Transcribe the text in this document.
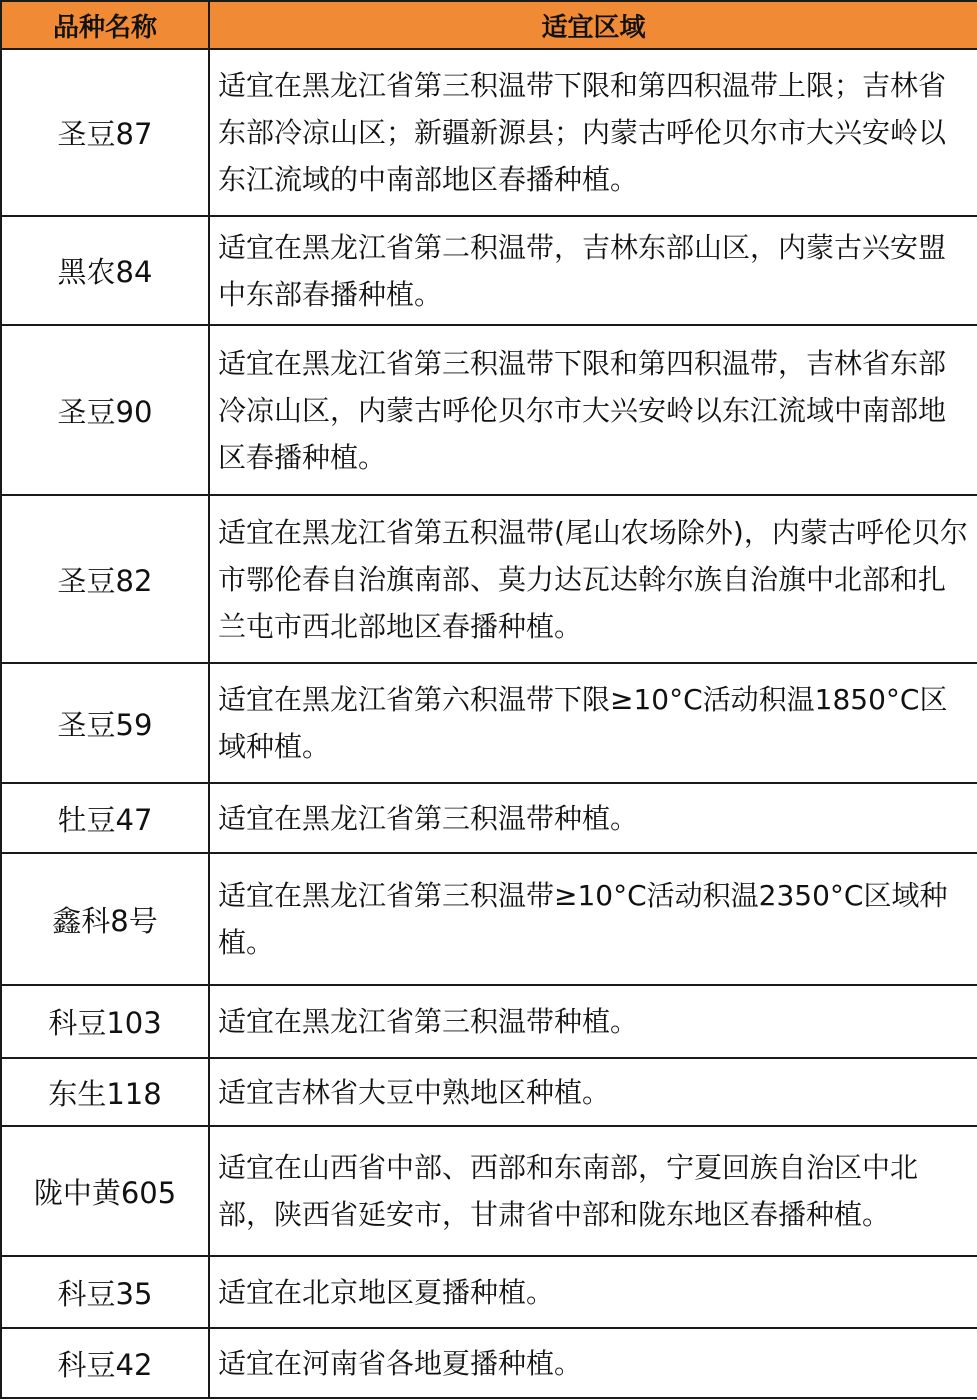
品种名称	适宜区域
圣豆87	适宜在黑龙江省第三积温带下限和第四积温带上限；吉林省东部冷凉山区；新疆新源县；内蒙古呼伦贝尔市大兴安岭以东江流域的中南部地区春播种植。
黑农84	适宜在黑龙江省第二积温带，吉林东部山区，内蒙古兴安盟中东部春播种植。
圣豆90	适宜在黑龙江省第三积温带下限和第四积温带，吉林省东部冷凉山区，内蒙古呼伦贝尔市大兴安岭以东江流域中南部地区春播种植。
圣豆82	适宜在黑龙江省第五积温带(尾山农场除外)，内蒙古呼伦贝尔市鄂伦春自治旗南部、莫力达瓦达斡尔族自治旗中北部和扎兰屯市西北部地区春播种植。
圣豆59	适宜在黑龙江省第六积温带下限≥10°C活动积温1850°C区域种植。
牡豆47	适宜在黑龙江省第三积温带种植。
鑫科8号	适宜在黑龙江省第三积温带≥10°C活动积温2350°C区域种植。
科豆103	适宜在黑龙江省第三积温带种植。
东生118	适宜吉林省大豆中熟地区种植。
陇中黄605	适宜在山西省中部、西部和东南部，宁夏回族自治区中北部，陕西省延安市，甘肃省中部和陇东地区春播种植。
科豆35	适宜在北京地区夏播种植。
科豆42	适宜在河南省各地夏播种植。
